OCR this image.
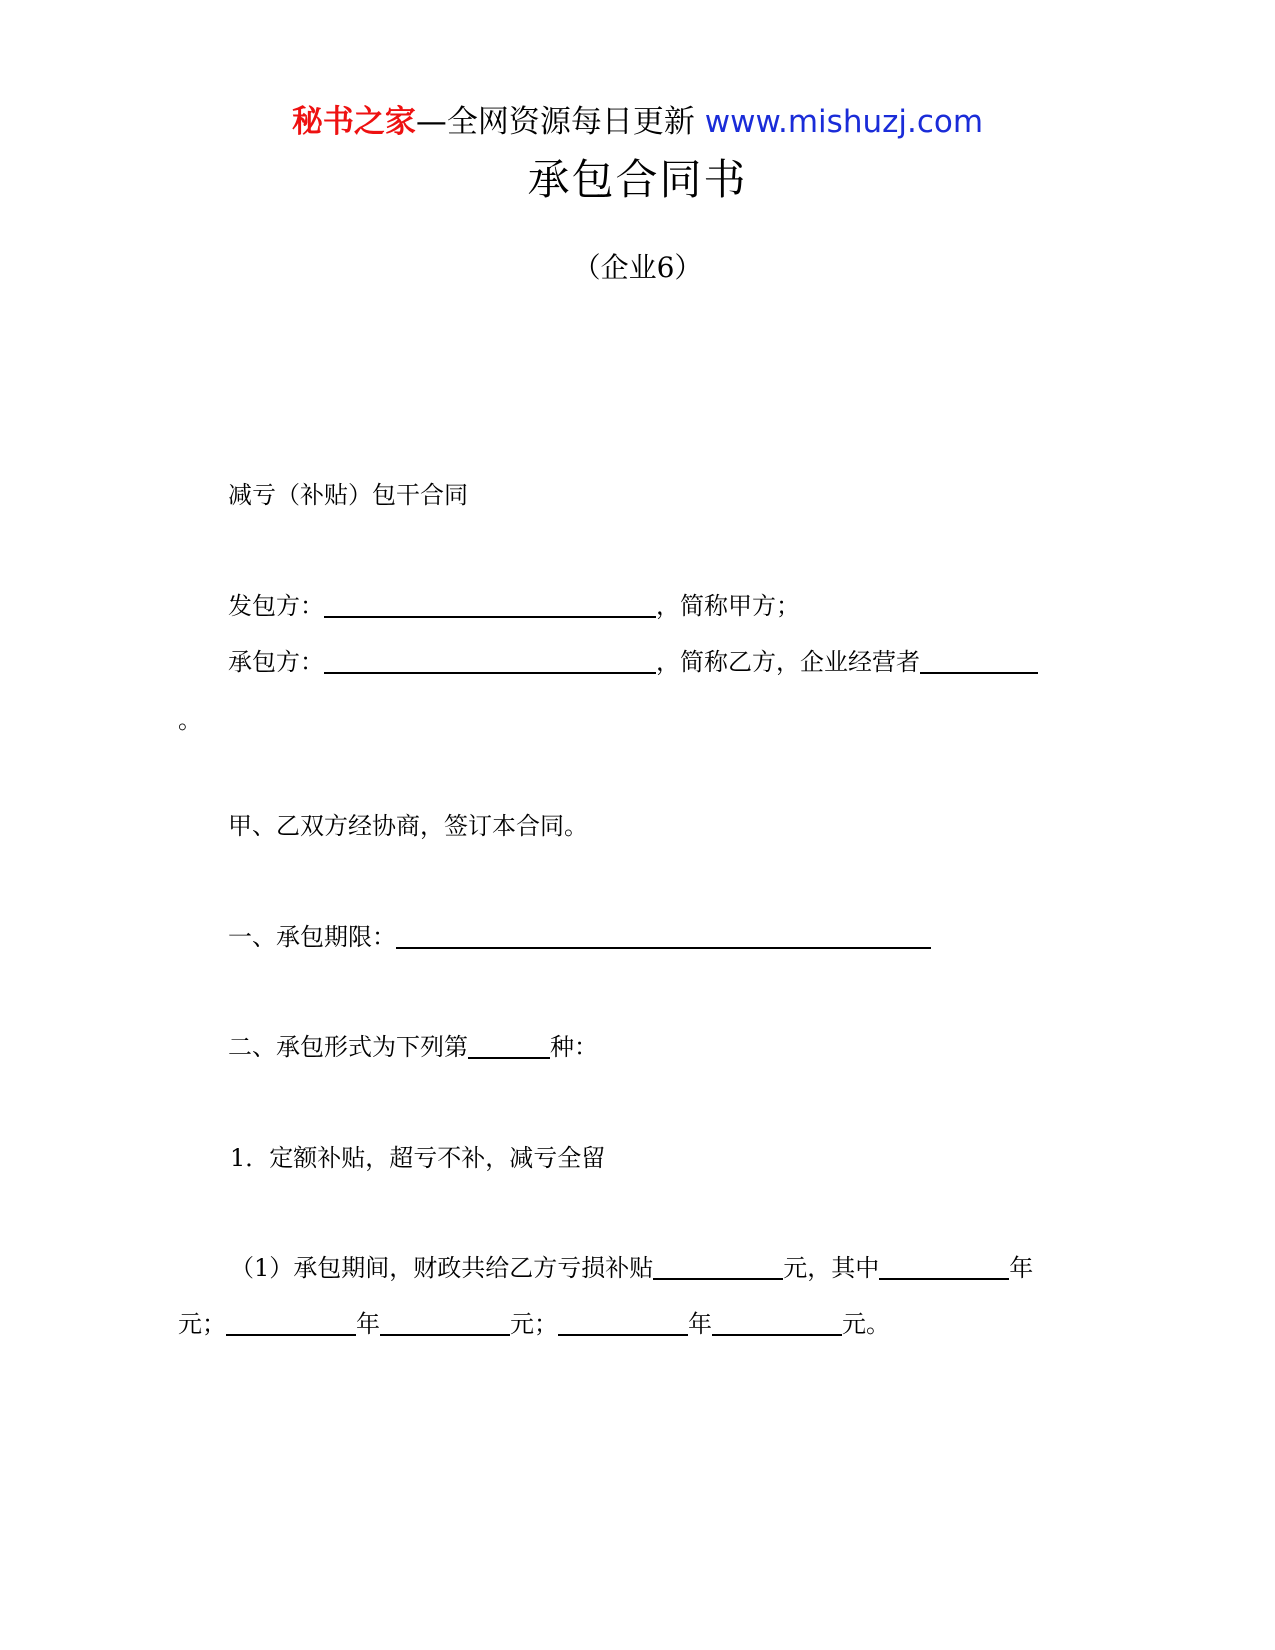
秘书之家—全网资源每日更新 www.mishuzj.com
承包合同书
（企业6）
减亏（补贴）包干合同
发包方：	，简称甲方；
承包方：	，简称乙方，企业经营者
。
甲、乙双方经协商，签订本合同。
一、承包期限：
二、承包形式为下列第	种：
1．定额补贴，超亏不补，减亏全留
（1）承包期间，财政共给乙方亏损补贴	元，其中	年
元；	年	元；	年	元。
